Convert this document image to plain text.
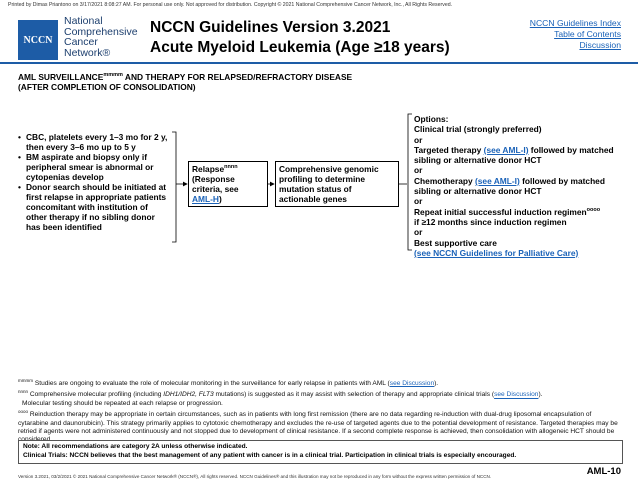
Printed by Dimas Priantono on 3/17/2021 8:08:27 AM. For personal use only. Not approved for distribution. Copyright © 2021 National Comprehensive Cancer Network, Inc., All Rights Reserved.
NCCN
National
Comprehensive
Cancer
Network®
NCCN Guidelines Version 3.2021
Acute Myeloid Leukemia (Age ≥18 years)
NCCN Guidelines Index
Table of Contents
Discussion
AML $SURVEILLANCE^{mmmm}$ AND THERAPY FOR RELAPSED/REFRACTORY DISEASE
(AFTER COMPLETION OF CONSOLIDATION)
• CBC, platelets every 1–3 mo for 2 y, then every 3–6 mo up to 5 y
• BM aspirate and biopsy only if peripheral smear is abnormal or cytopenias develop
• Donor search should be initiated at first relapse in appropriate patients concomitant with institution of other therapy if no sibling donor has been identified
Relapse$^{nnnn}$
(Response
criteria, see
AML-H)
Comprehensive genomic profiling to determine mutation status of actionable genes
Options:
Clinical trial (strongly preferred)
or
Targeted therapy (see AML-I) followed by matched sibling or alternative donor HCT
or
Chemotherapy (see AML-I) followed by matched sibling or alternative donor HCT
or
Repeat initial successful induction regimen$^{oooo}$
if ≥12 months since induction regimen
or
Best supportive care
(see NCCN Guidelines for Palliative Care)

$^{mmmm}$ Studies are ongoing to evaluate the role of molecular monitoring in the surveillance for early relapse in patients with AML (see Discussion).

$^{nnnn}$ Comprehensive molecular profiling (including IDH1/IDH2, FLT3 mutations) is suggested as it may assist with selection of therapy and appropriate clinical trials (see Discussion).

Molecular testing should be repeated at each relapse or progression.

$^{oooo}$ Reinduction therapy may be appropriate in certain circumstances, such as in patients with long first remission (there are no data regarding re-induction with dual-drug liposomal encapsulation of cytarabine and daunorubicin). This strategy primarily applies to cytotoxic chemotherapy and excludes the re-use of targeted agents due to the potential development of resistance. Targeted therapies may be retried if agents were not administered continuously and not stopped due to development of clinical resistance. If a second complete response is achieved, then consolidation with allogeneic HCT should be considered.

Note: All recommendations are category 2A unless otherwise indicated.
Clinical Trials: NCCN believes that the best management of any patient with cancer is in a clinical trial. Participation in clinical trials is especially encouraged.
Version 3.2021, 03/2/2021 © 2021 National Comprehensive Cancer Network® (NCCN®), All rights reserved. NCCN Guidelines® and this illustration may not be reproduced in any form without the express written permission of NCCN.	AML-10
